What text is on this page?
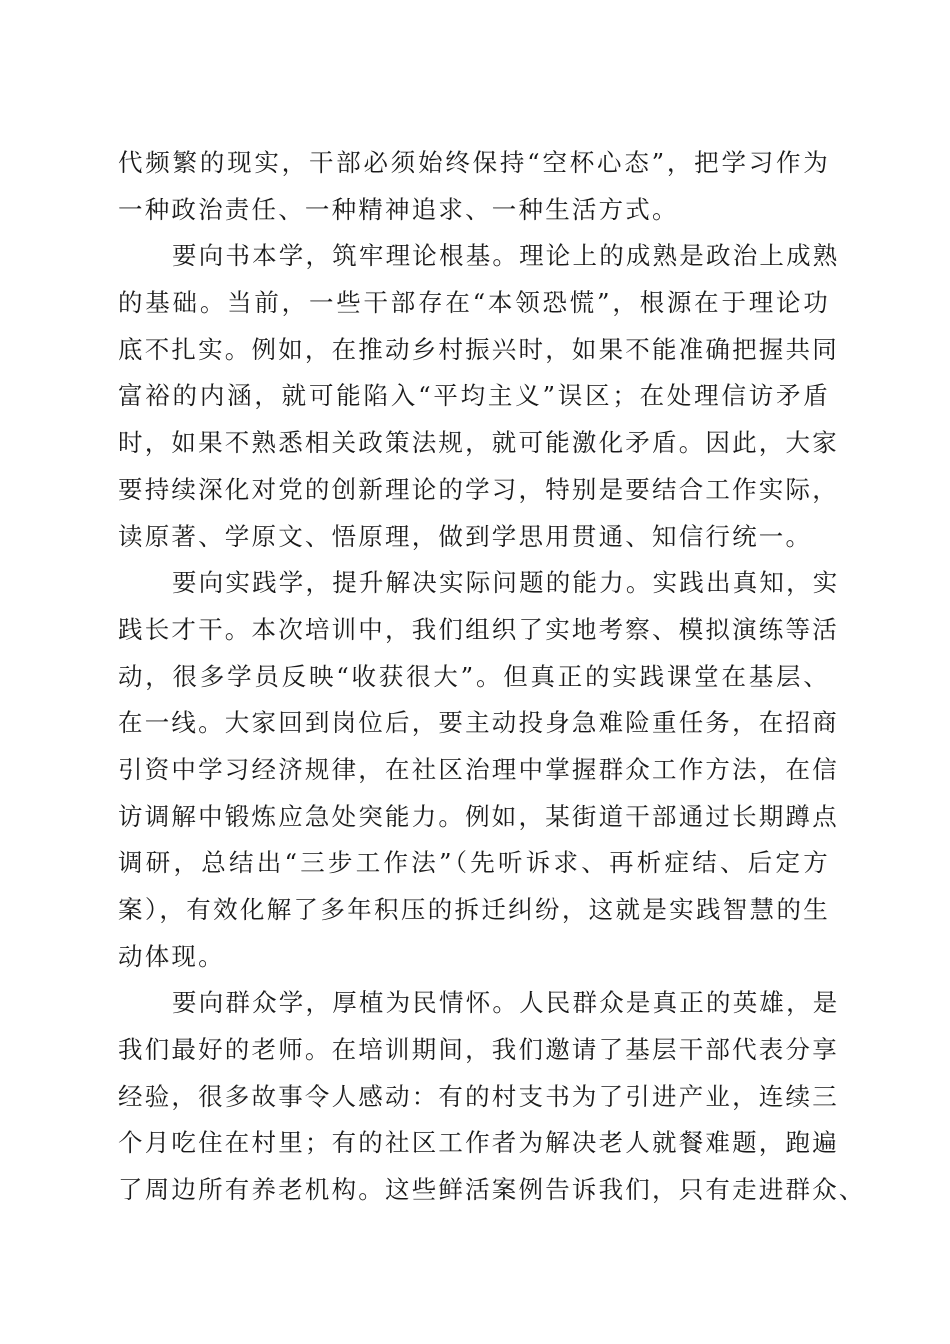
代频繁的现实，干部必须始终保持“空杯心态”，把学习作为
一种政治责任、一种精神追求、一种生活方式。
要向书本学，筑牢理论根基。理论上的成熟是政治上成熟
的基础。当前，一些干部存在“本领恐慌”，根源在于理论功
底不扎实。例如，在推动乡村振兴时，如果不能准确把握共同
富裕的内涵，就可能陷入“平均主义”误区；在处理信访矛盾
时，如果不熟悉相关政策法规，就可能激化矛盾。因此，大家
要持续深化对党的创新理论的学习，特别是要结合工作实际，
读原著、学原文、悟原理，做到学思用贯通、知信行统一。
要向实践学，提升解决实际问题的能力。实践出真知，实
践长才干。本次培训中，我们组织了实地考察、模拟演练等活
动，很多学员反映“收获很大”。但真正的实践课堂在基层、
在一线。大家回到岗位后，要主动投身急难险重任务，在招商
引资中学习经济规律，在社区治理中掌握群众工作方法，在信
访调解中锻炼应急处突能力。例如，某街道干部通过长期蹲点
调研，总结出“三步工作法”（先听诉求、再析症结、后定方
案），有效化解了多年积压的拆迁纠纷，这就是实践智慧的生
动体现。
要向群众学，厚植为民情怀。人民群众是真正的英雄，是
我们最好的老师。在培训期间，我们邀请了基层干部代表分享
经验，很多故事令人感动：有的村支书为了引进产业，连续三
个月吃住在村里；有的社区工作者为解决老人就餐难题，跑遍
了周边所有养老机构。这些鲜活案例告诉我们，只有走进群众、
